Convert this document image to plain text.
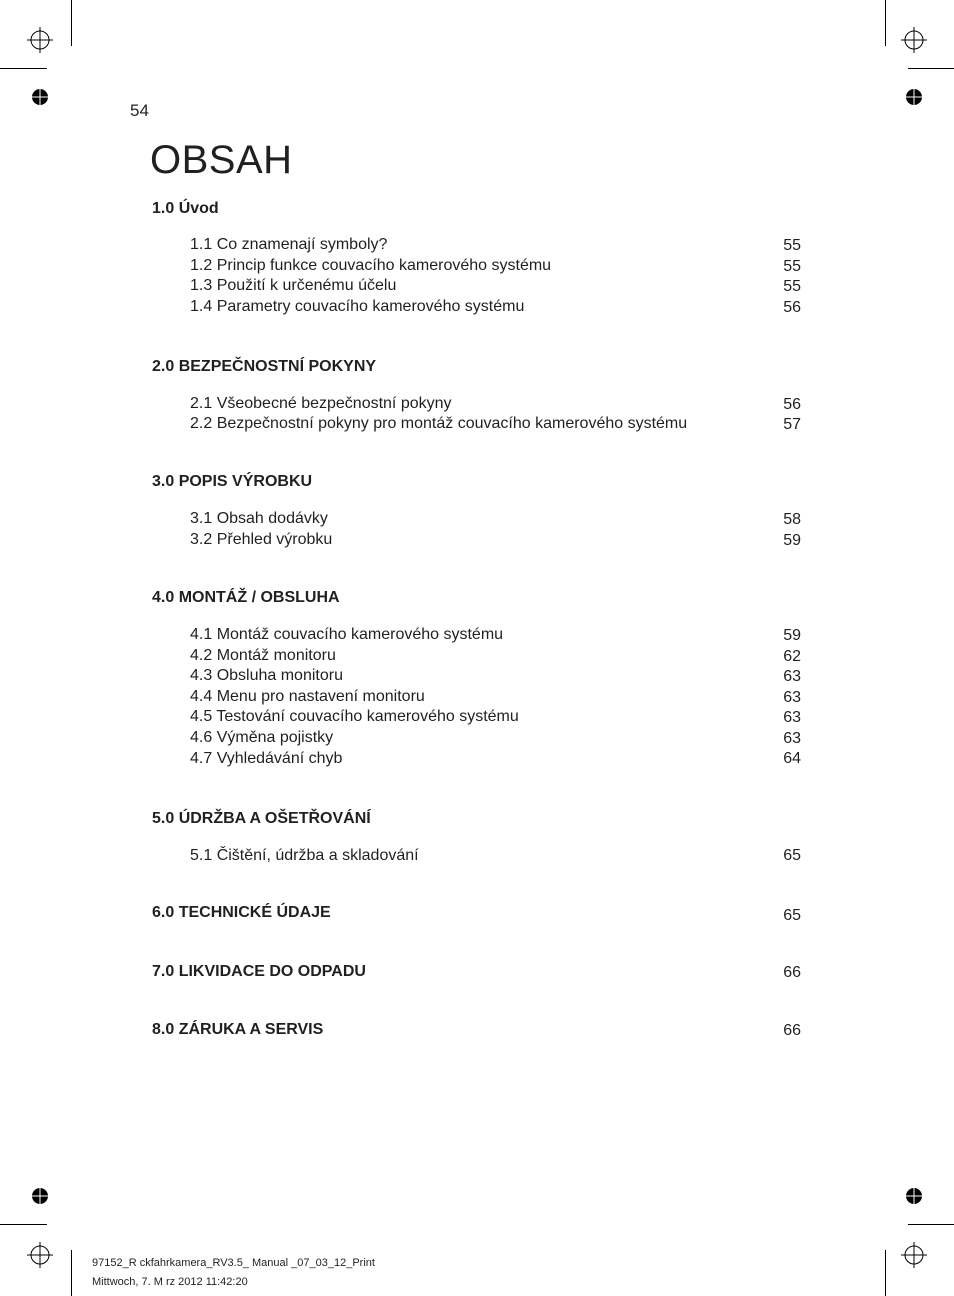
54
OBSAH
1.0 Úvod
1.1 Co znamenají symboly?	55
1.2 Princip funkce couvacího kamerového systému	55
1.3 Použití k určenému účelu	55
1.4 Parametry couvacího kamerového systému	56
2.0 BEZPEČNOSTNÍ POKYNY
2.1 Všeobecné bezpečnostní pokyny	56
2.2 Bezpečnostní pokyny pro montáž couvacího kamerového systému	57
3.0 POPIS VÝROBKU
3.1 Obsah dodávky	58
3.2 Přehled výrobku	59
4.0 MONTÁŽ / OBSLUHA
4.1 Montáž couvacího kamerového systému	59
4.2 Montáž monitoru	62
4.3 Obsluha monitoru	63
4.4 Menu pro nastavení monitoru	63
4.5 Testování couvacího kamerového systému	63
4.6 Výměna pojistky	63
4.7 Vyhledávání chyb	64
5.0 ÚDRŽBA A OŠETŘOVÁNÍ
5.1 Čištění, údržba a skladování	65
6.0 TECHNICKÉ ÚDAJE	65
7.0 LIKVIDACE DO ODPADU	66
8.0 ZÁRUKA A SERVIS	66
97152_R ckfahrkamera_RV3.5_ Manual _07_03_12_Print
Mittwoch, 7. M rz 2012 11:42:20
